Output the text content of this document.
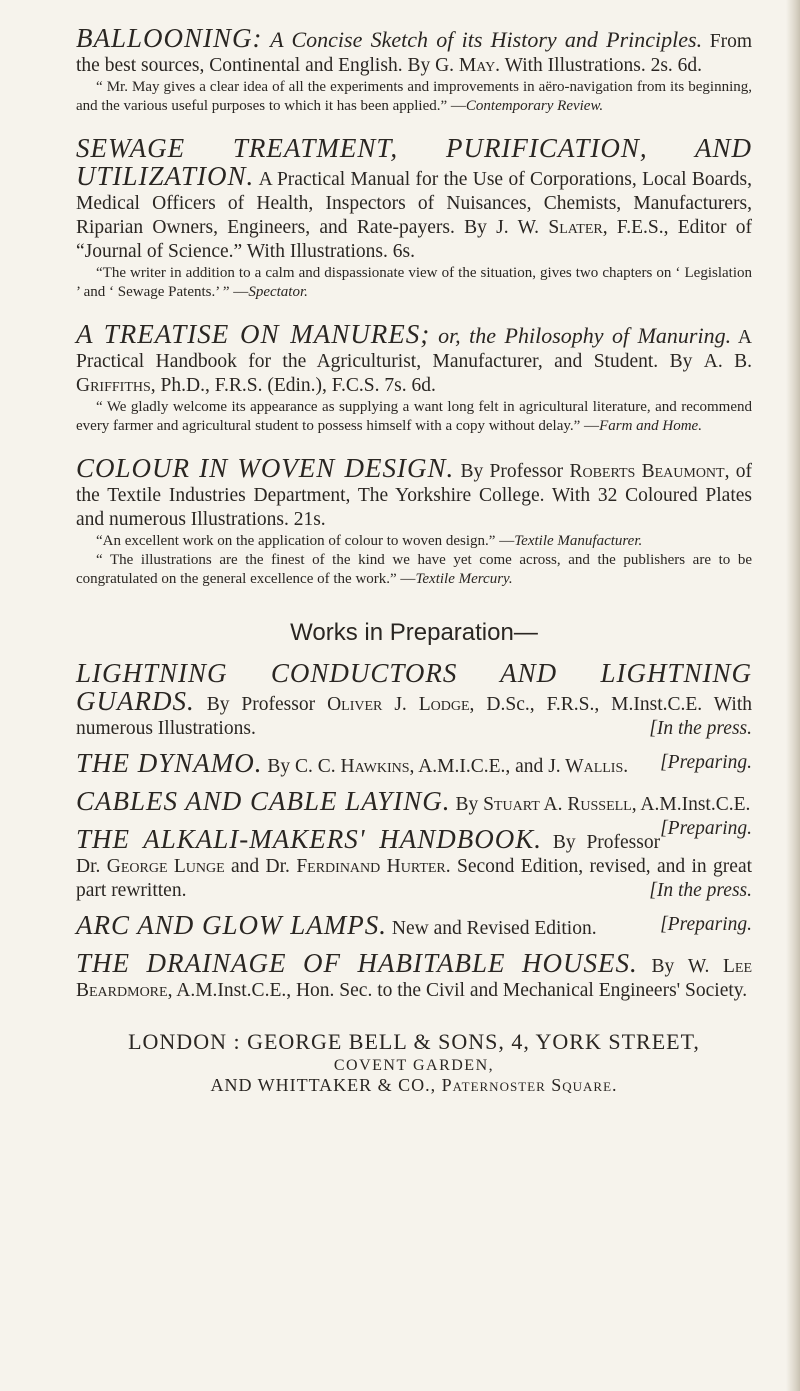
BALLOONING: A Concise Sketch of its History and Principles. From the best sources, Continental and English. By G. May. With Illustrations. 2s. 6d.

“ Mr. May gives a clear idea of all the experiments and improvements in aëro-navigation from its beginning, and the various useful purposes to which it has been applied.” —Contemporary Review.

SEWAGE TREATMENT, PURIFICATION, AND UTILIZATION. A Practical Manual for the Use of Corporations, Local Boards, Medical Officers of Health, Inspectors of Nuisances, Chemists, Manufacturers, Riparian Owners, Engineers, and Rate-payers. By J. W. Slater, F.E.S., Editor of “Journal of Science.” With Illustrations. 6s.

“The writer in addition to a calm and dispassionate view of the situation, gives two chapters on ‘ Legislation ’ and ‘ Sewage Patents.’ ” —Spectator.

A TREATISE ON MANURES; or, the Philosophy of Manuring. A Practical Handbook for the Agriculturist, Manufacturer, and Student. By A. B. Griffiths, Ph.D., F.R.S. (Edin.), F.C.S. 7s. 6d.

“ We gladly welcome its appearance as supplying a want long felt in agricultural literature, and recommend every farmer and agricultural student to possess himself with a copy without delay.” —Farm and Home.

COLOUR IN WOVEN DESIGN. By Professor Roberts Beaumont, of the Textile Industries Department, The Yorkshire College. With 32 Coloured Plates and numerous Illustrations. 21s.

“An excellent work on the application of colour to woven design.” —Textile Manufacturer.

“ The illustrations are the finest of the kind we have yet come across, and the publishers are to be congratulated on the general excellence of the work.” —Textile Mercury.

Works in Preparation—
LIGHTNING CONDUCTORS AND LIGHTNING GUARDS. By Professor Oliver J. Lodge, D.Sc., F.R.S., M.Inst.C.E. With numerous Illustrations.	[In the press.
THE DYNAMO. By C. C. Hawkins, A.M.I.C.E., and J. Wallis. [Preparing.
CABLES AND CABLE LAYING. By Stuart A. Russell, A.M.Inst.C.E.
[Preparing.
THE ALKALI-MAKERS' HANDBOOK. By Professor Dr. George Lunge and Dr. Ferdinand Hurter. Second Edition, revised, and in great part rewritten.	[In the press.
ARC AND GLOW LAMPS. New and Revised Edition.	[Preparing.
THE DRAINAGE OF HABITABLE HOUSES. By W. Lee Beardmore, A.M.Inst.C.E., Hon. Sec. to the Civil and Mechanical Engineers' Society.
LONDON : GEORGE BELL & SONS, 4, YORK STREET,
COVENT GARDEN,
AND WHITTAKER & CO., Paternoster Square.
